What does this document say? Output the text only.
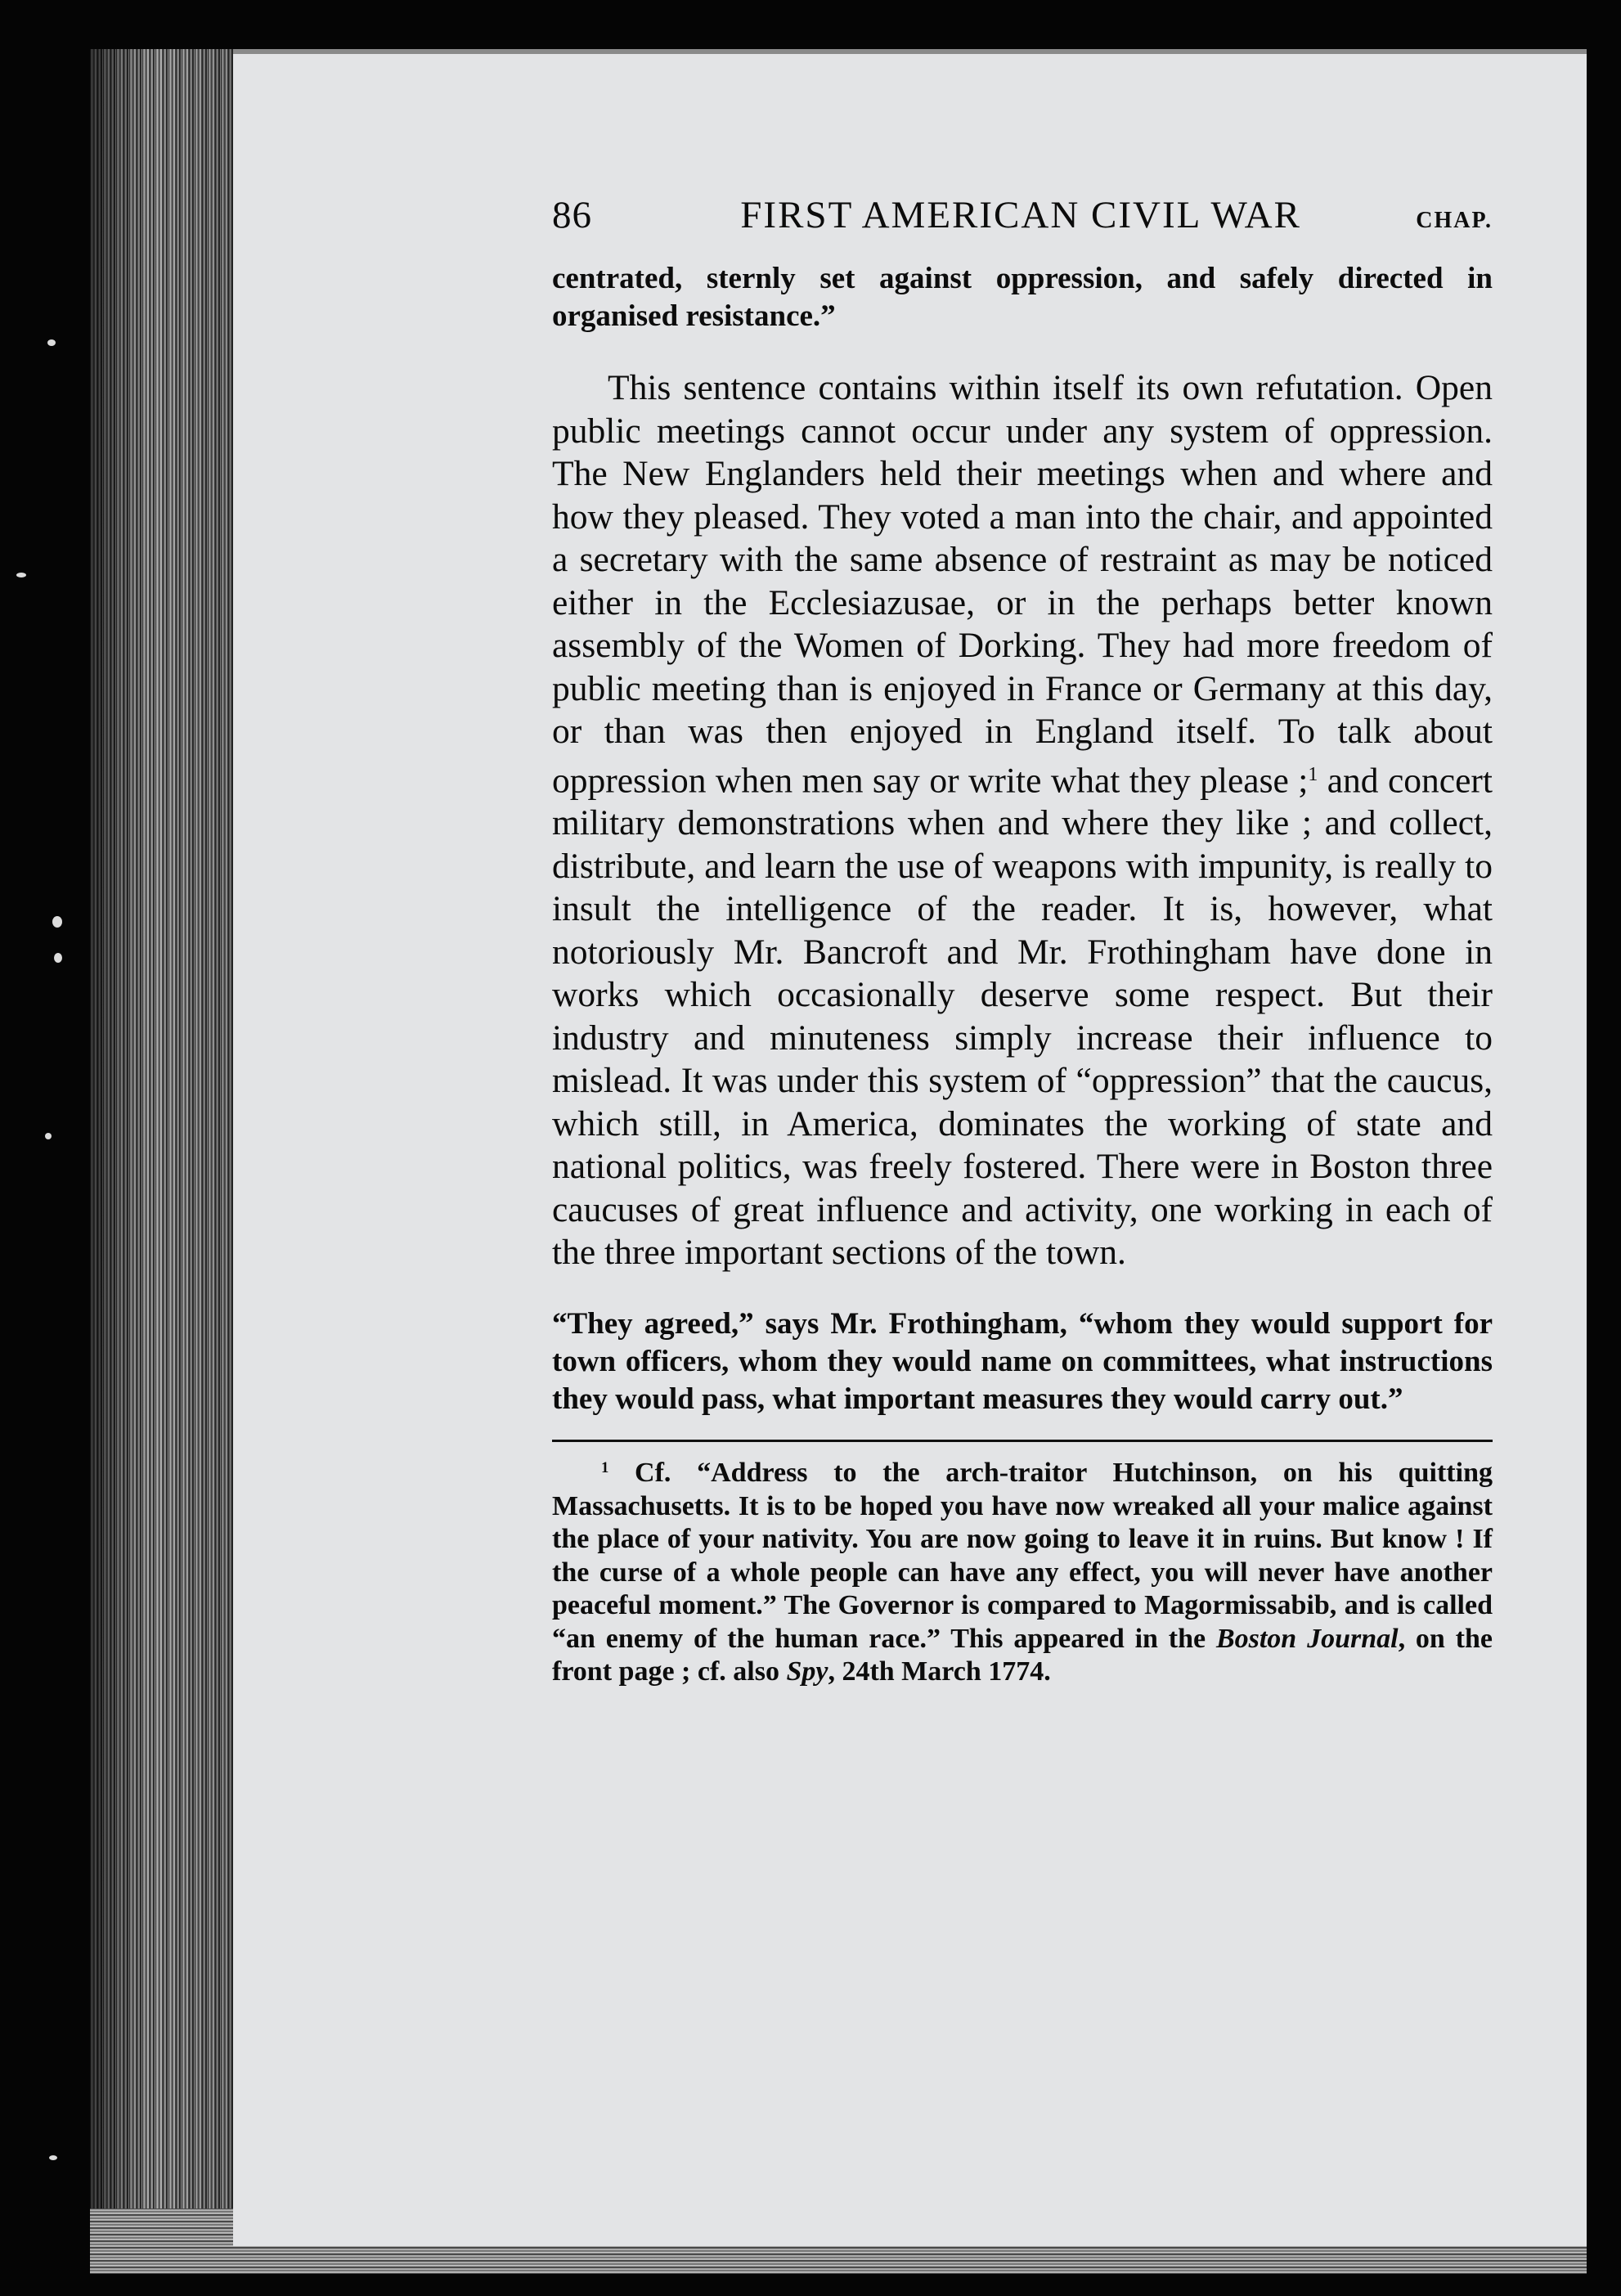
86	FIRST AMERICAN CIVIL WAR	CHAP.

centrated, sternly set against oppression, and safely directed in organised resistance.”

This sentence contains within itself its own refutation. Open public meetings cannot occur under any system of oppression. The New Englanders held their meetings when and where and how they pleased. They voted a man into the chair, and appointed a secretary with the same absence of restraint as may be noticed either in the Ecclesiazusae, or in the perhaps better known assembly of the Women of Dorking. They had more freedom of public meeting than is enjoyed in France or Germany at this day, or than was then enjoyed in England itself. To talk about oppression when men say or write what they please ;$^1$ and concert military demonstrations when and where they like ; and collect, distribute, and learn the use of weapons with impunity, is really to insult the intelligence of the reader. It is, however, what notoriously Mr. Bancroft and Mr. Frothingham have done in works which occasionally deserve some respect. But their industry and minuteness simply increase their influence to mislead. It was under this system of “oppression” that the caucus, which still, in America, dominates the working of state and national politics, was freely fostered. There were in Boston three caucuses of great influence and activity, one working in each of the three important sections of the town.

“They agreed,” says Mr. Frothingham, “whom they would support for town officers, whom they would name on committees, what instructions they would pass, what important measures they would carry out.”

$^1$ Cf. “Address to the arch-traitor Hutchinson, on his quitting Massachusetts. It is to be hoped you have now wreaked all your malice against the place of your nativity. You are now going to leave it in ruins. But know ! If the curse of a whole people can have any effect, you will never have another peaceful moment.” The Governor is compared to Magormissabib, and is called “an enemy of the human race.” This appeared in the Boston Journal, on the front page ; cf. also Spy, 24th March 1774.
